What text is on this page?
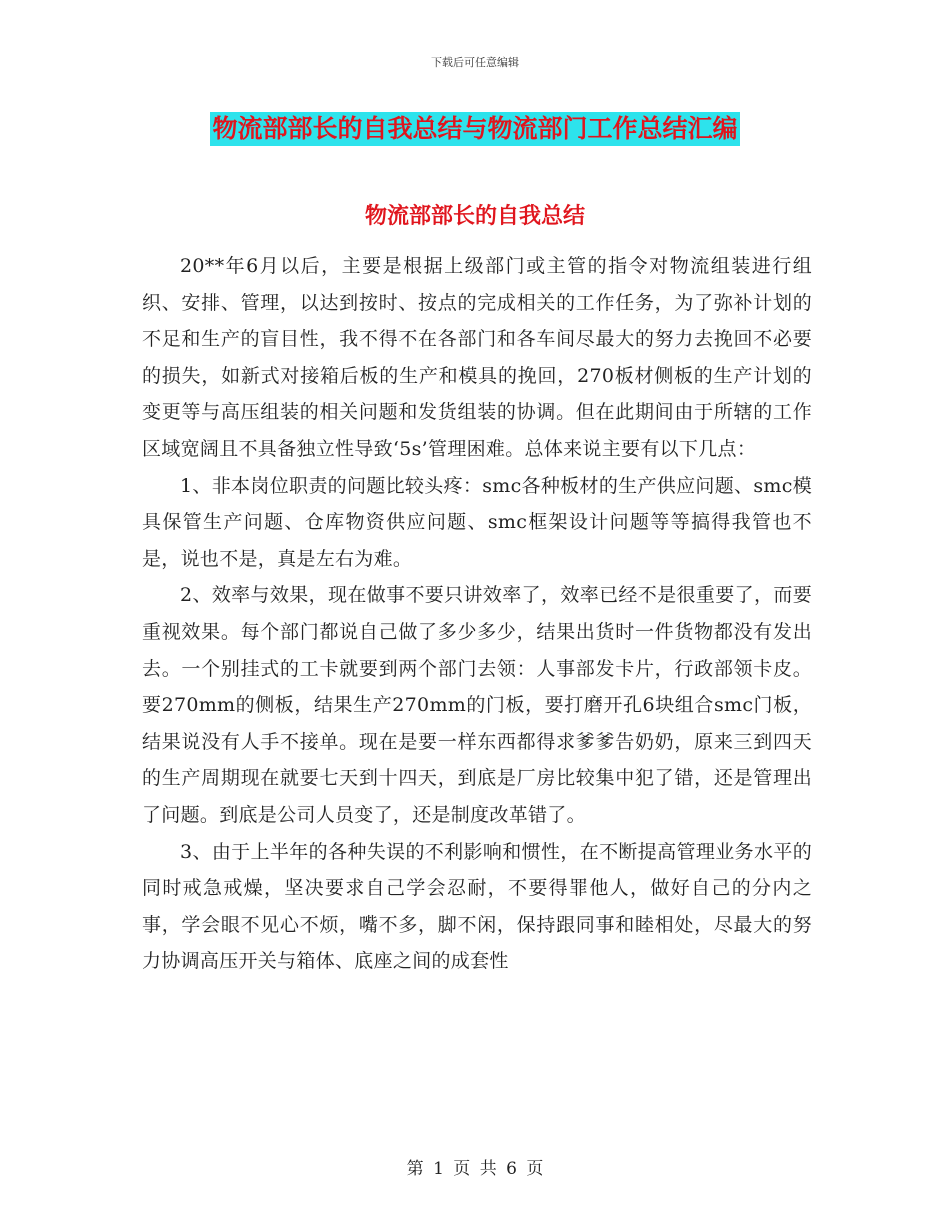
下载后可任意编辑
物流部部长的自我总结与物流部门工作总结汇编
物流部部长的自我总结

20**年6月以后，主要是根据上级部门或主管的指令对物流组装进行组织、安排、管理，以达到按时、按点的完成相关的工作任务，为了弥补计划的不足和生产的盲目性，我不得不在各部门和各车间尽最大的努力去挽回不必要的损失，如新式对接箱后板的生产和模具的挽回，270板材侧板的生产计划的变更等与高压组装的相关问题和发货组装的协调。但在此期间由于所辖的工作区域宽阔且不具备独立性导致‘5s’管理困难。总体来说主要有以下几点：

1、非本岗位职责的问题比较头疼：smc各种板材的生产供应问题、smc模具保管生产问题、仓库物资供应问题、smc框架设计问题等等搞得我管也不是，说也不是，真是左右为难。

2、效率与效果，现在做事不要只讲效率了，效率已经不是很重要了，而要重视效果。每个部门都说自己做了多少多少，结果出货时一件货物都没有发出去。一个别挂式的工卡就要到两个部门去领：人事部发卡片，行政部领卡皮。要270mm的侧板，结果生产270mm的门板，要打磨开孔6块组合smc门板，结果说没有人手不接单。现在是要一样东西都得求爹爹告奶奶，原来三到四天的生产周期现在就要七天到十四天，到底是厂房比较集中犯了错，还是管理出了问题。到底是公司人员变了，还是制度改革错了。

3、由于上半年的各种失误的不利影响和惯性，在不断提高管理业务水平的同时戒急戒燥，坚决要求自己学会忍耐，不要得罪他人，做好自己的分内之事，学会眼不见心不烦，嘴不多，脚不闲，保持跟同事和睦相处，尽最大的努力协调高压开关与箱体、底座之间的成套性

第 1 页 共 6 页
